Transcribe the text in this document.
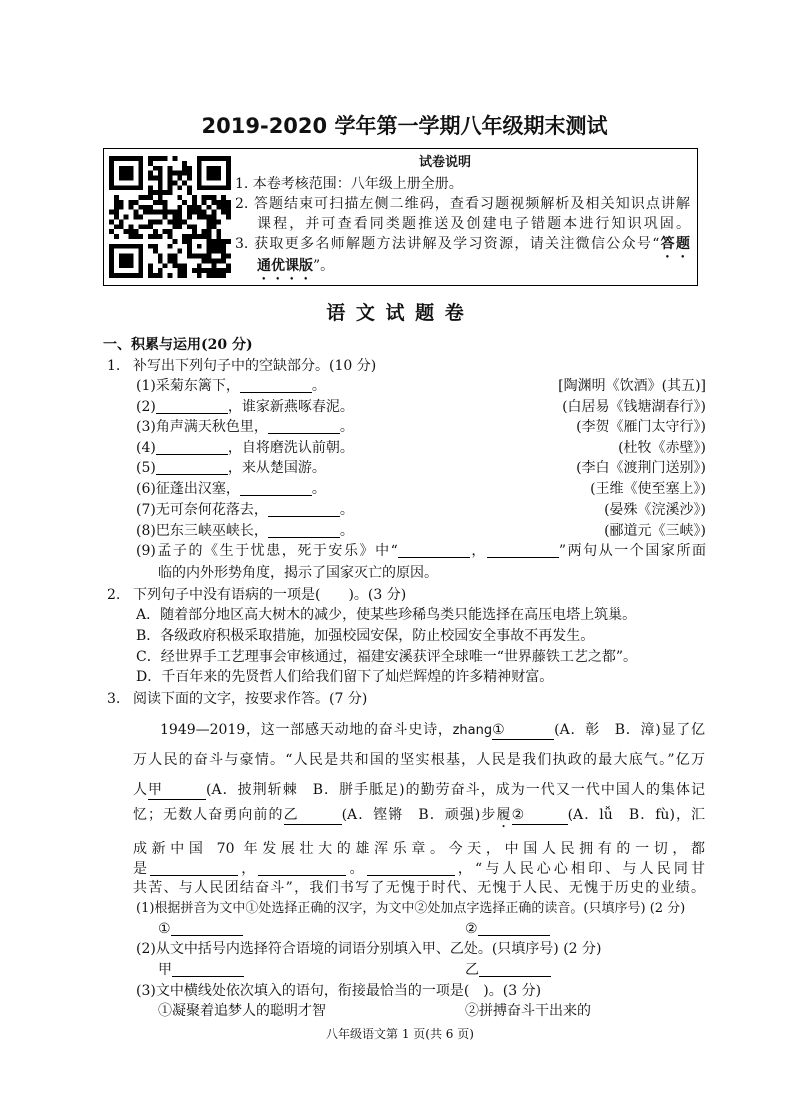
2019-2020 学年第一学期八年级期末测试
试卷说明
1. 本卷考核范围：八年级上册全册。
2. 答题结束可扫描左侧二维码，查看习题视频解析及相关知识点讲解
课程，并可查看同类题推送及创建电子错题本进行知识巩固。
3. 获取更多名师解题方法讲解及学习资源，请关注微信公众号“答题
通优课版”。
语 文 试 题 卷
一、积累与运用(20 分)
1. 补写出下列句子中的空缺部分。(10 分)
(1)采菊东篱下，	。	[陶渊明《饮酒》(其五)]
(2)	，谁家新燕啄春泥。	(白居易《钱塘湖春行》)
(3)角声满天秋色里，	。	(李贺《雁门太守行》)
(4)	，自将磨洗认前朝。	(杜牧《赤壁》)
(5)	，来从楚国游。	(李白《渡荆门送别》)
(6)征蓬出汉塞，	。	(王维《使至塞上》)
(7)无可奈何花落去，	。	(晏殊《浣溪沙》)
(8)巴东三峡巫峡长，	。	(郦道元《三峡》)
(9)孟子的《生于忧患，死于安乐》中“	，	”两句从一个国家所面
临的内外形势角度，揭示了国家灭亡的原因。
2. 下列句子中没有语病的一项是(　　)。(3 分)
A．随着部分地区高大树木的减少，使某些珍稀鸟类只能选择在高压电塔上筑巢。
B．各级政府积极采取措施，加强校园安保，防止校园安全事故不再发生。
C．经世界手工艺理事会审核通过，福建安溪获评全球唯一“世界藤铁工艺之都”。
D．千百年来的先贤哲人们给我们留下了灿烂辉煌的许多精神财富。
3. 阅读下面的文字，按要求作答。(7 分)
1949—2019，这一部感天动地的奋斗史诗，zhang①	(A．彰　B．漳)显了亿
万人民的奋斗与豪情。“人民是共和国的坚实根基，人民是我们执政的最大底气。”亿万
人甲	(A．披荆斩棘　B．胼手胝足)的勤劳奋斗，成为一代又一代中国人的集体记
忆；无数人奋勇向前的乙	(A．铿锵　B．顽强)步履②	(A．lǚ　B．fù)，汇
成新中国 70 年发展壮大的雄浑乐章。今天，中国人民拥有的一切，都
是	，	。	，“与人民心心相印、与人民同甘
共苦、与人民团结奋斗”，我们书写了无愧于时代、无愧于人民、无愧于历史的业绩。
(1)根据拼音为文中①处选择正确的汉字，为文中②处加点字选择正确的读音。(只填序号) (2 分)
①	②
(2)从文中括号内选择符合语境的词语分别填入甲、乙处。(只填序号) (2 分)
甲	乙
(3)文中横线处依次填入的语句，衔接最恰当的一项是(　)。(3 分)
①凝聚着追梦人的聪明才智	②拼搏奋斗干出来的
八年级语文第 1 页(共 6 页)
